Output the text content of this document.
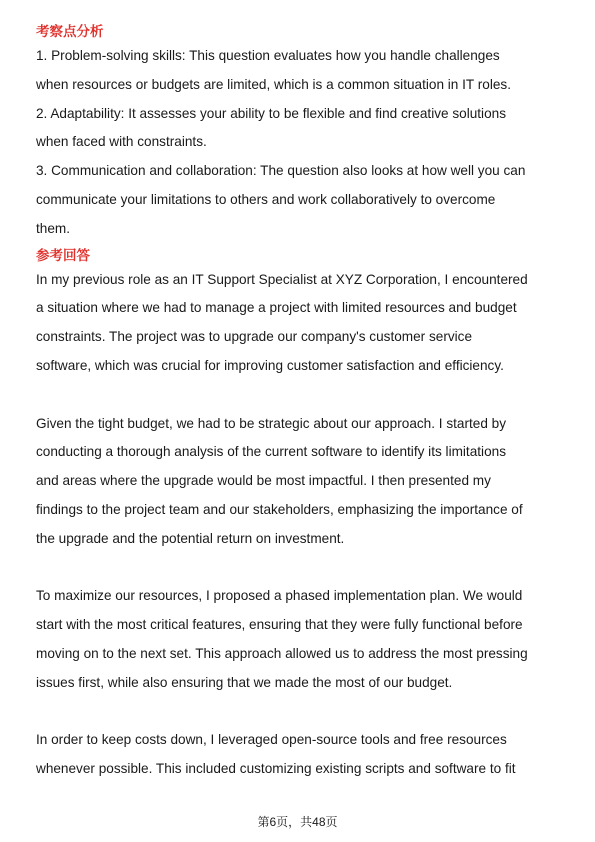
考察点分析
1. Problem-solving skills: This question evaluates how you handle challenges
when resources or budgets are limited, which is a common situation in IT roles.
2. Adaptability: It assesses your ability to be flexible and find creative solutions
when faced with constraints.
3. Communication and collaboration: The question also looks at how well you can
communicate your limitations to others and work collaboratively to overcome
them.
参考回答
In my previous role as an IT Support Specialist at XYZ Corporation, I encountered
a situation where we had to manage a project with limited resources and budget
constraints. The project was to upgrade our company's customer service
software, which was crucial for improving customer satisfaction and efficiency.
Given the tight budget, we had to be strategic about our approach. I started by
conducting a thorough analysis of the current software to identify its limitations
and areas where the upgrade would be most impactful. I then presented my
findings to the project team and our stakeholders, emphasizing the importance of
the upgrade and the potential return on investment.
To maximize our resources, I proposed a phased implementation plan. We would
start with the most critical features, ensuring that they were fully functional before
moving on to the next set. This approach allowed us to address the most pressing
issues first, while also ensuring that we made the most of our budget.
In order to keep costs down, I leveraged open-source tools and free resources
whenever possible. This included customizing existing scripts and software to fit
第6页，共48页
